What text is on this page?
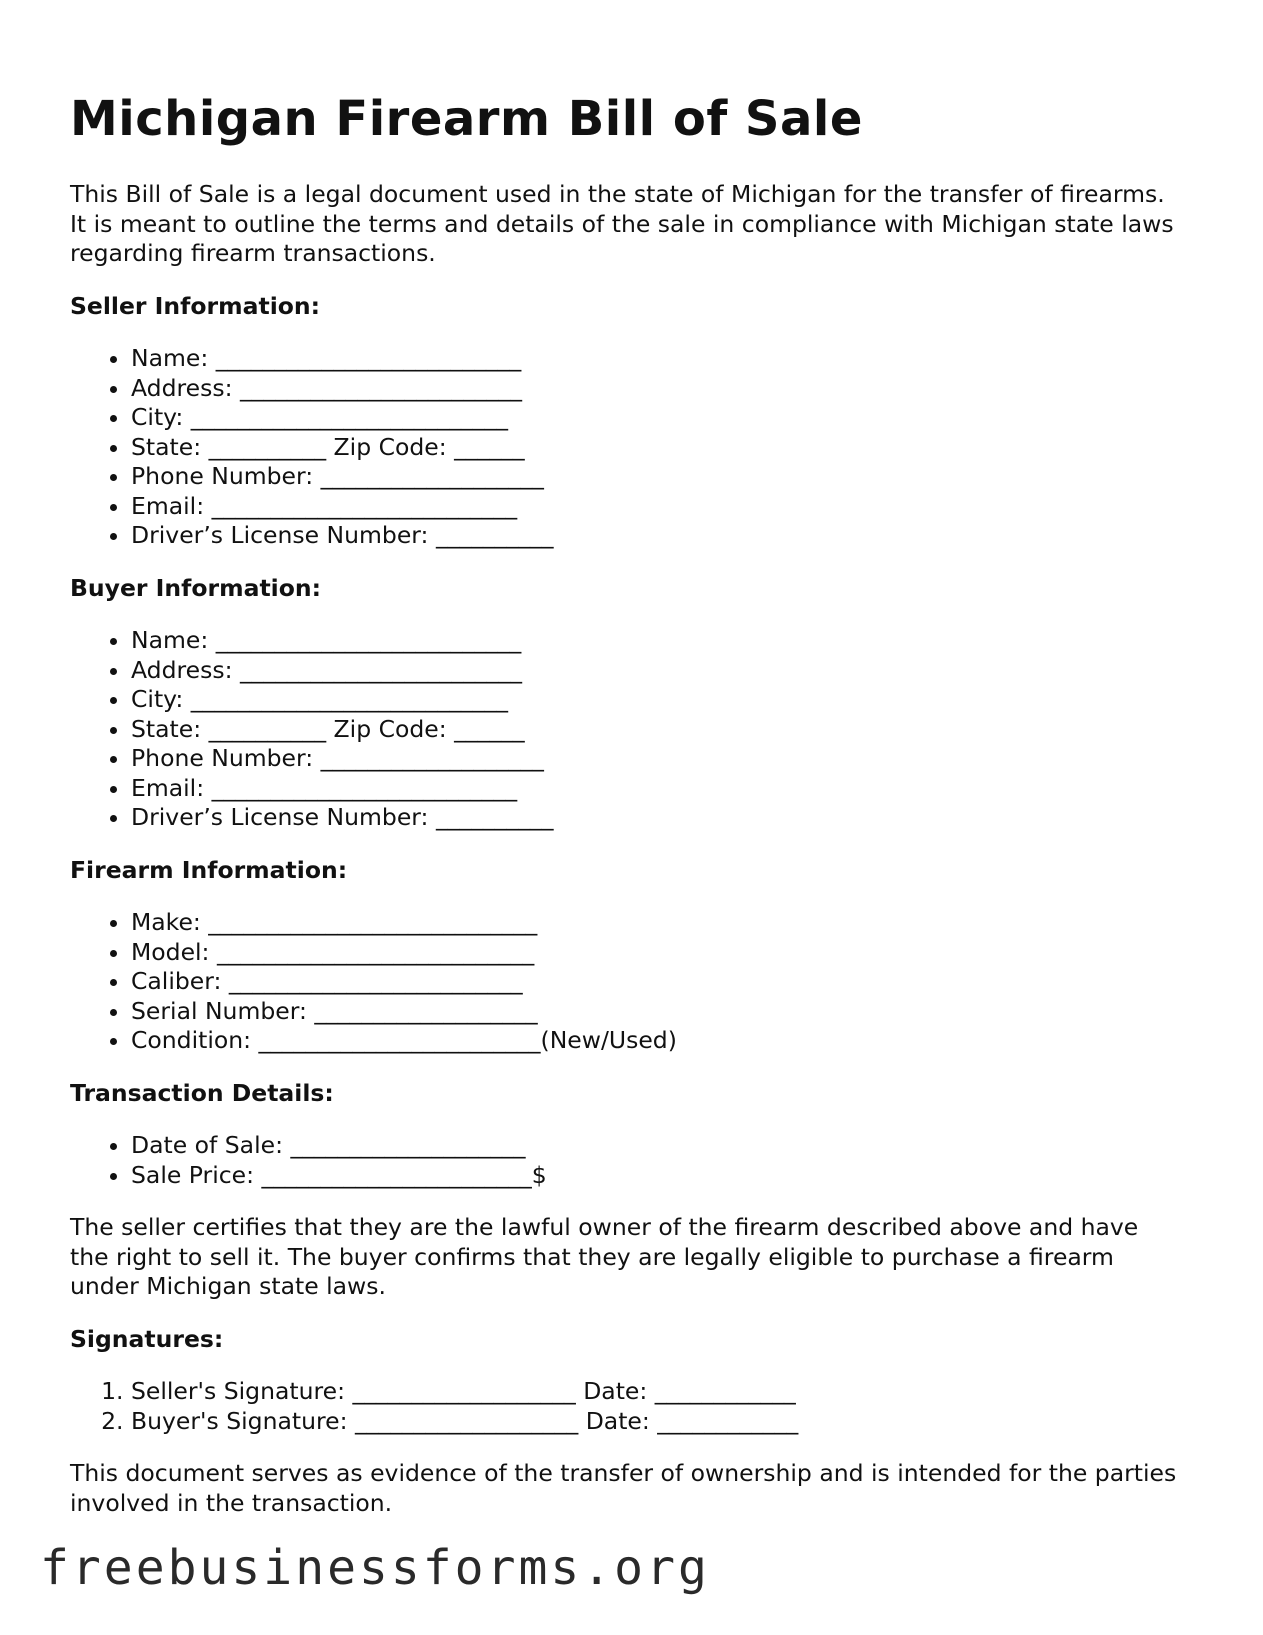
Michigan Firearm Bill of Sale

This Bill of Sale is a legal document used in the state of Michigan for the transfer of firearms. It is meant to outline the terms and details of the sale in compliance with Michigan state laws regarding firearm transactions.

Seller Information:
• Name: __________________________
• Address: ________________________
• City: ___________________________
• State: __________ Zip Code: ______
• Phone Number: ___________________
• Email: __________________________
• Driver’s License Number: __________
Buyer Information:
• Name: __________________________
• Address: ________________________
• City: ___________________________
• State: __________ Zip Code: ______
• Phone Number: ___________________
• Email: __________________________
• Driver’s License Number: __________
Firearm Information:
• Make: ____________________________
• Model: ___________________________
• Caliber: _________________________
• Serial Number: ___________________
• Condition: ________________________(New/Used)
Transaction Details:
• Date of Sale: ____________________
• Sale Price: _______________________$

The seller certifies that they are the lawful owner of the firearm described above and have the right to sell it. The buyer confirms that they are legally eligible to purchase a firearm under Michigan state laws.

Signatures:
1. Seller's Signature: ___________________ Date: ____________
2. Buyer's Signature: ___________________ Date: ____________

This document serves as evidence of the transfer of ownership and is intended for the parties involved in the transaction.

freebusinessforms.org
